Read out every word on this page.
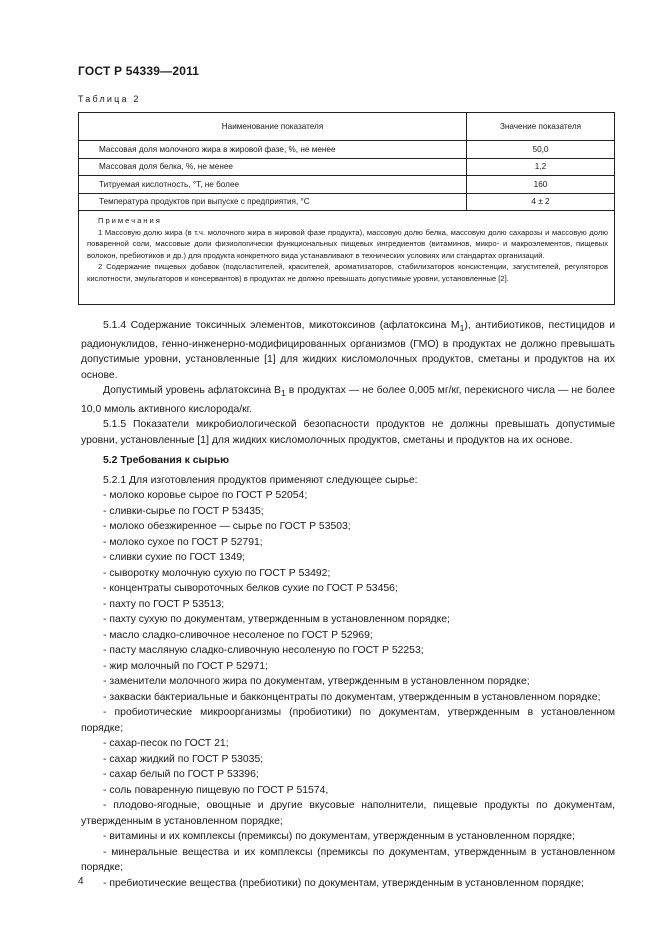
ГОСТ Р 54339—2011
Таблица 2
Наименование показателя	Значение показателя
Массовая доля молочного жира в жировой фазе, %, не менее	50,0
Массовая доля белка, %, не менее	1,2
Титруемая кислотность, °Т, не более	160
Температура продуктов при выпуске с предприятия, °С	4 ± 2
Примечания
1 Массовую долю жира (в т.ч. молочного жира в жировой фазе продукта), массовую долю белка, массовую долю сахарозы и массовую долю поваренной соли, массовые доли физиологически функциональных пищевых ингредиентов (витаминов, микро- и макроэлементов, пищевых волокон, пребиотиков и др.) для продукта конкретного вида устанавливают в технических условиях или стандартах организаций.
2 Содержание пищевых добавок (подсластителей, красителей, ароматизаторов, стабилизаторов консистенции, загустителей, регуляторов кислотности, эмульгаторов и консервантов) в продуктах не должно превышать допустимые уровни, установленные [2].

5.1.4 Содержание токсичных элементов, микотоксинов (афлатоксина $M_1$), антибиотиков, пестицидов и радионуклидов, генно-инженерно-модифицированных организмов (ГМО) в продуктах не должно превышать допустимые уровни, установленные [1] для жидких кисломолочных продуктов, сметаны и продуктов на их основе.

Допустимый уровень афлатоксина $B_1$ в продуктах — не более 0,005 мг/кг, перекисного числа — не более 10,0 ммоль активного кислорода/кг.

5.1.5 Показатели микробиологической безопасности продуктов не должны превышать допустимые уровни, установленные [1] для жидких кисломолочных продуктов, сметаны и продуктов на их основе.

5.2 Требования к сырью

5.2.1 Для изготовления продуктов применяют следующее сырье:

- молоко коровье сырое по ГОСТ Р 52054;

- сливки-сырье по ГОСТ Р 53435;

- молоко обезжиренное — сырье по ГОСТ Р 53503;

- молоко сухое по ГОСТ Р 52791;

- сливки сухие по ГОСТ 1349;

- сыворотку молочную сухую по ГОСТ Р 53492;

- концентраты сывороточных белков сухие по ГОСТ Р 53456;

- пахту по ГОСТ Р 53513;

- пахту сухую по документам, утвержденным в установленном порядке;

- масло сладко-сливочное несоленое по ГОСТ Р 52969;

- пасту масляную сладко-сливочную несоленую по ГОСТ Р 52253;

- жир молочный по ГОСТ Р 52971;

- заменители молочного жира по документам, утвержденным в установленном порядке;

- закваски бактериальные и бакконцентраты по документам, утвержденным в установленном порядке;

- пробиотические микроорганизмы (пробиотики) по документам, утвержденным в установленном порядке;

- сахар-песок по ГОСТ 21;

- сахар жидкий по ГОСТ Р 53035;

- сахар белый по ГОСТ Р 53396;

- соль поваренную пищевую по ГОСТ Р 51574,

- плодово-ягодные, овощные и другие вкусовые наполнители, пищевые продукты по документам, утвержденным в установленном порядке;

- витамины и их комплексы (премиксы) по документам, утвержденным в установленном порядке;

- минеральные вещества и их комплексы (премиксы по документам, утвержденным в установленном порядке;

- пребиотические вещества (пребиотики) по документам, утвержденным в установленном порядке;

4
